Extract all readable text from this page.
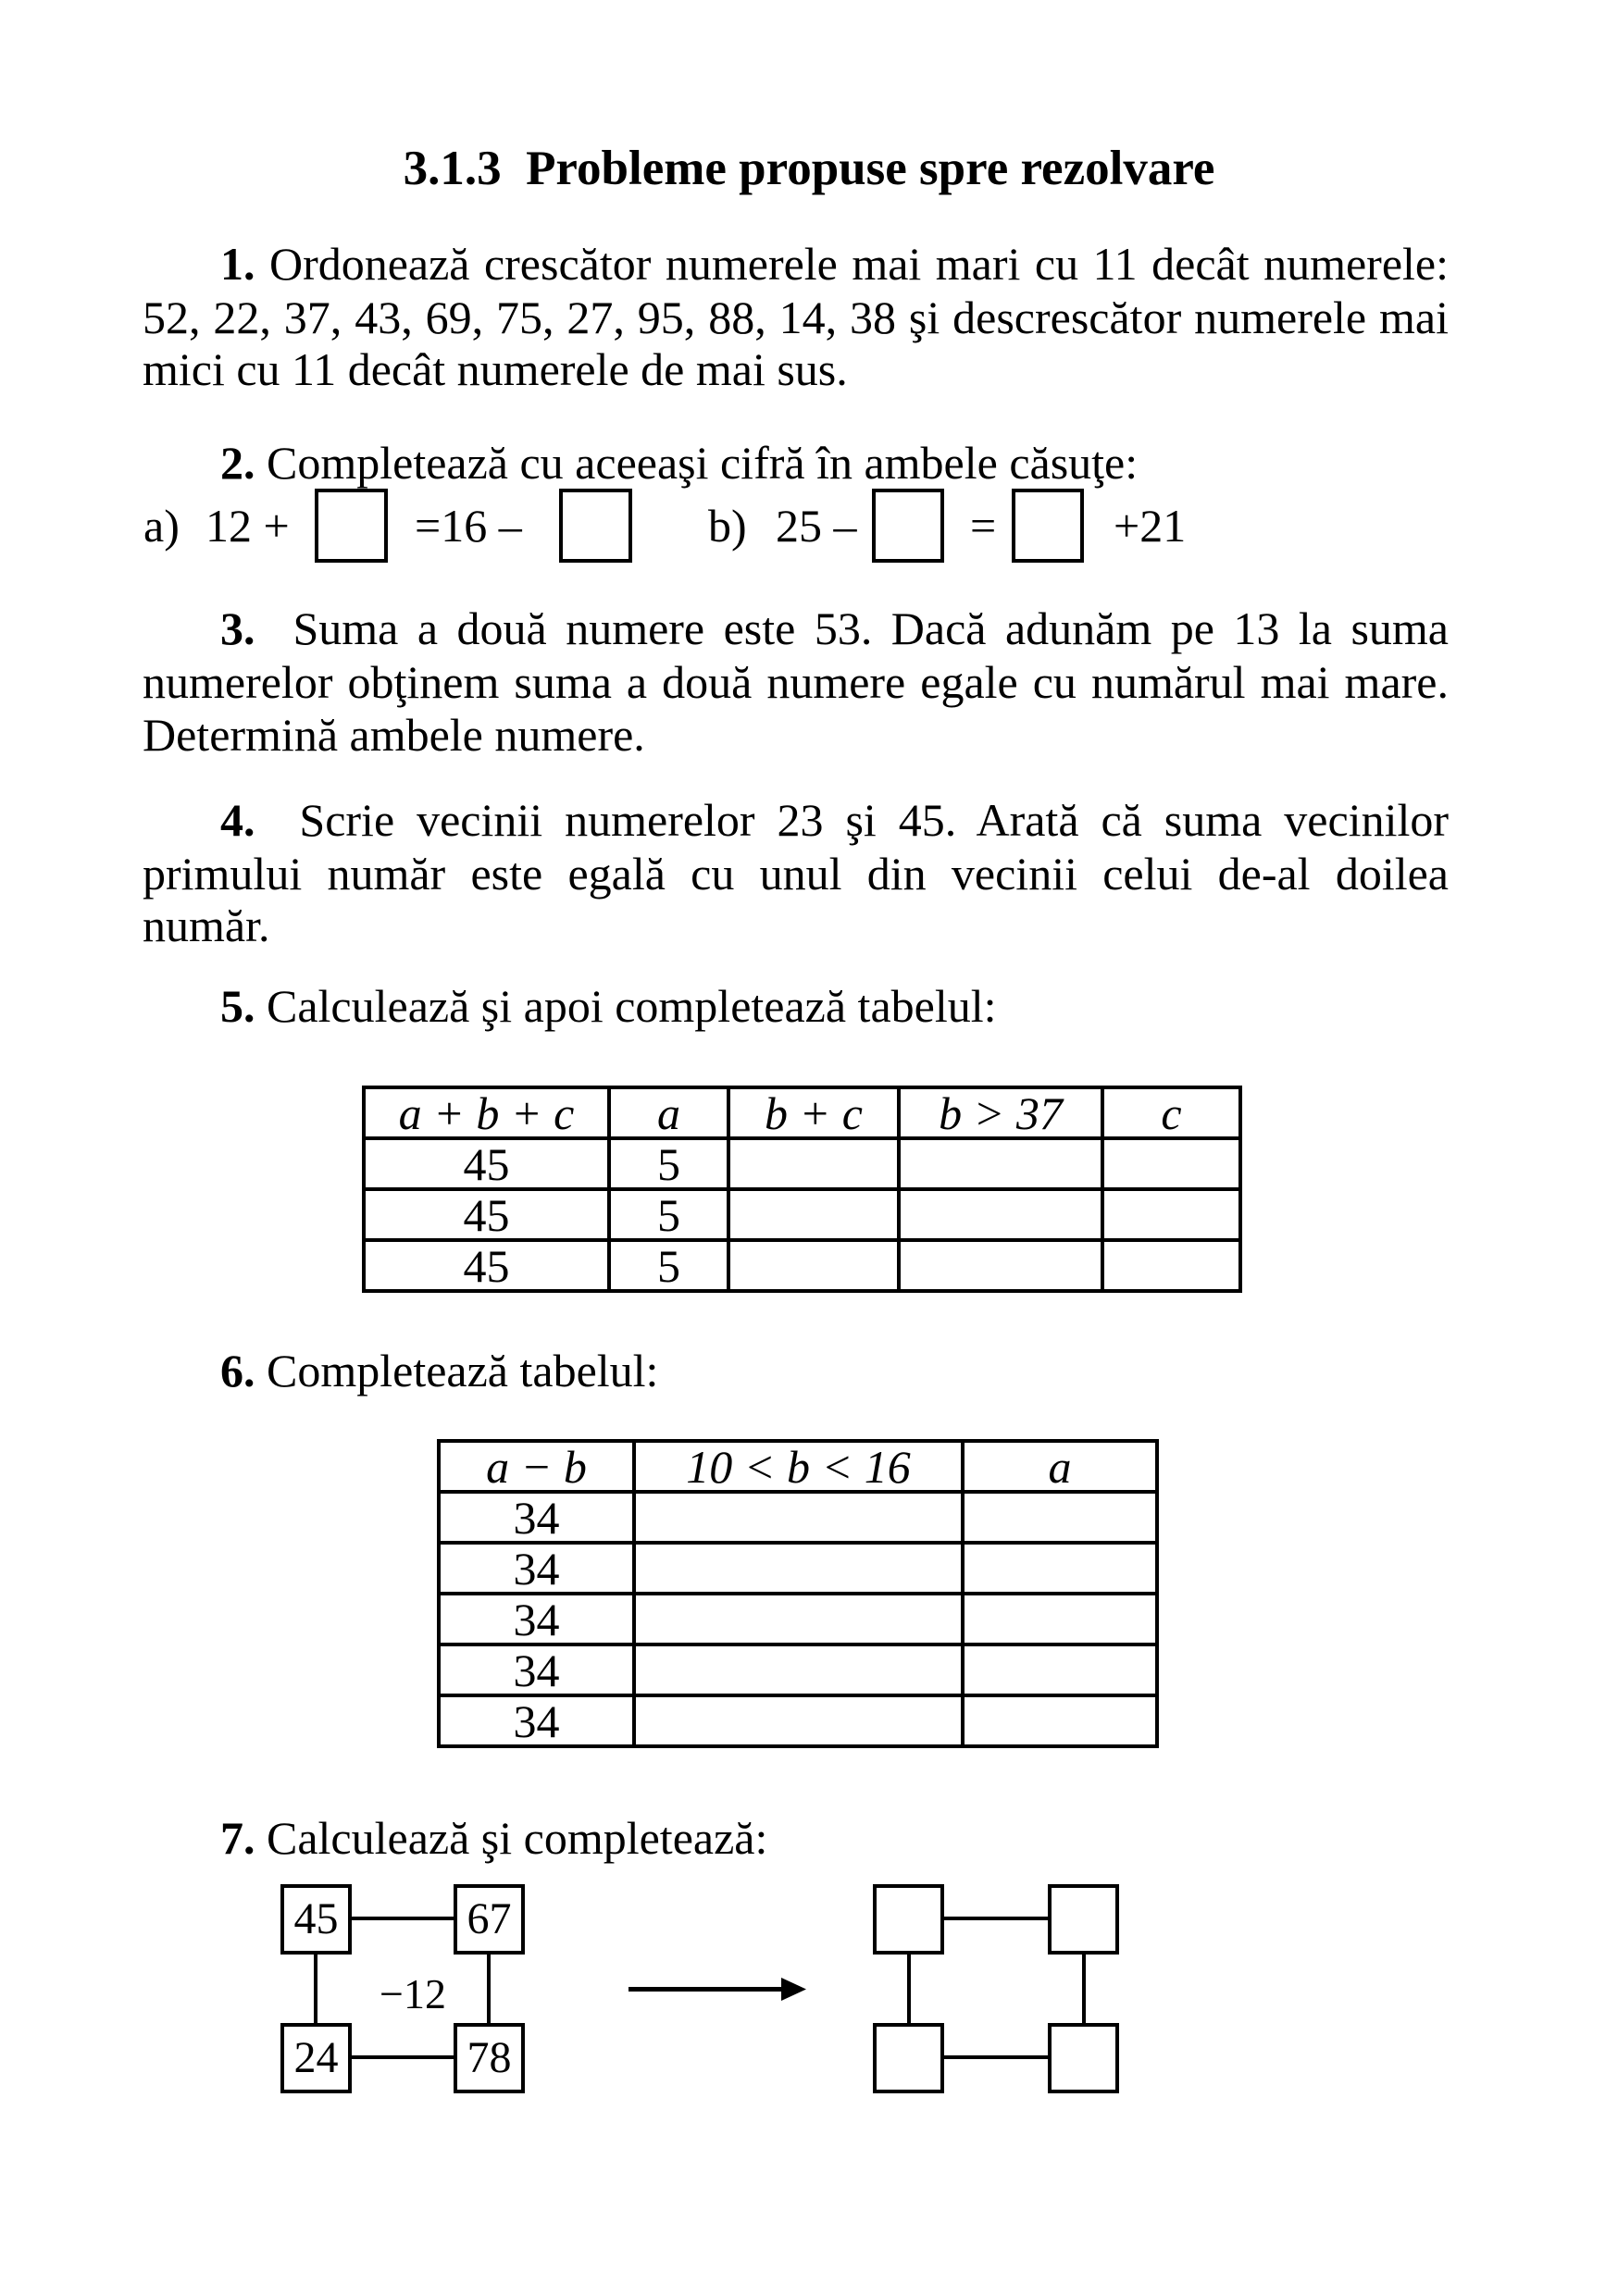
3.1.3  Probleme propuse spre rezolvare
1. Ordonează crescător numerele mai mari cu 11 decât numerele:
52, 22, 37, 43, 69, 75, 27, 95, 88, 14, 38 şi descrescător numerele mai
mici cu 11 decât numerele de mai sus.
2. Completează cu aceeaşi cifră în ambele căsuţe:
a) 12 +	=16 –	b) 25 – =	+21
3. Suma a două numere este 53. Dacă adunăm pe 13 la suma
numerelor obţinem suma a două numere egale cu numărul mai mare.
Determină ambele numere.
4. Scrie vecinii numerelor 23 şi 45. Arată că suma vecinilor
primului număr este egală cu unul din vecinii celui de-al doilea
număr.
5. Calculează şi apoi completează tabelul:
a + b + c	a	b + c	b > 37	c
45	5			
45	5			
45	5			
6. Completează tabelul:
a − b	10 < b < 16	a
34		
34		
34		
34		
34		
7. Calculează şi completează:
45	67
24	78
−12
